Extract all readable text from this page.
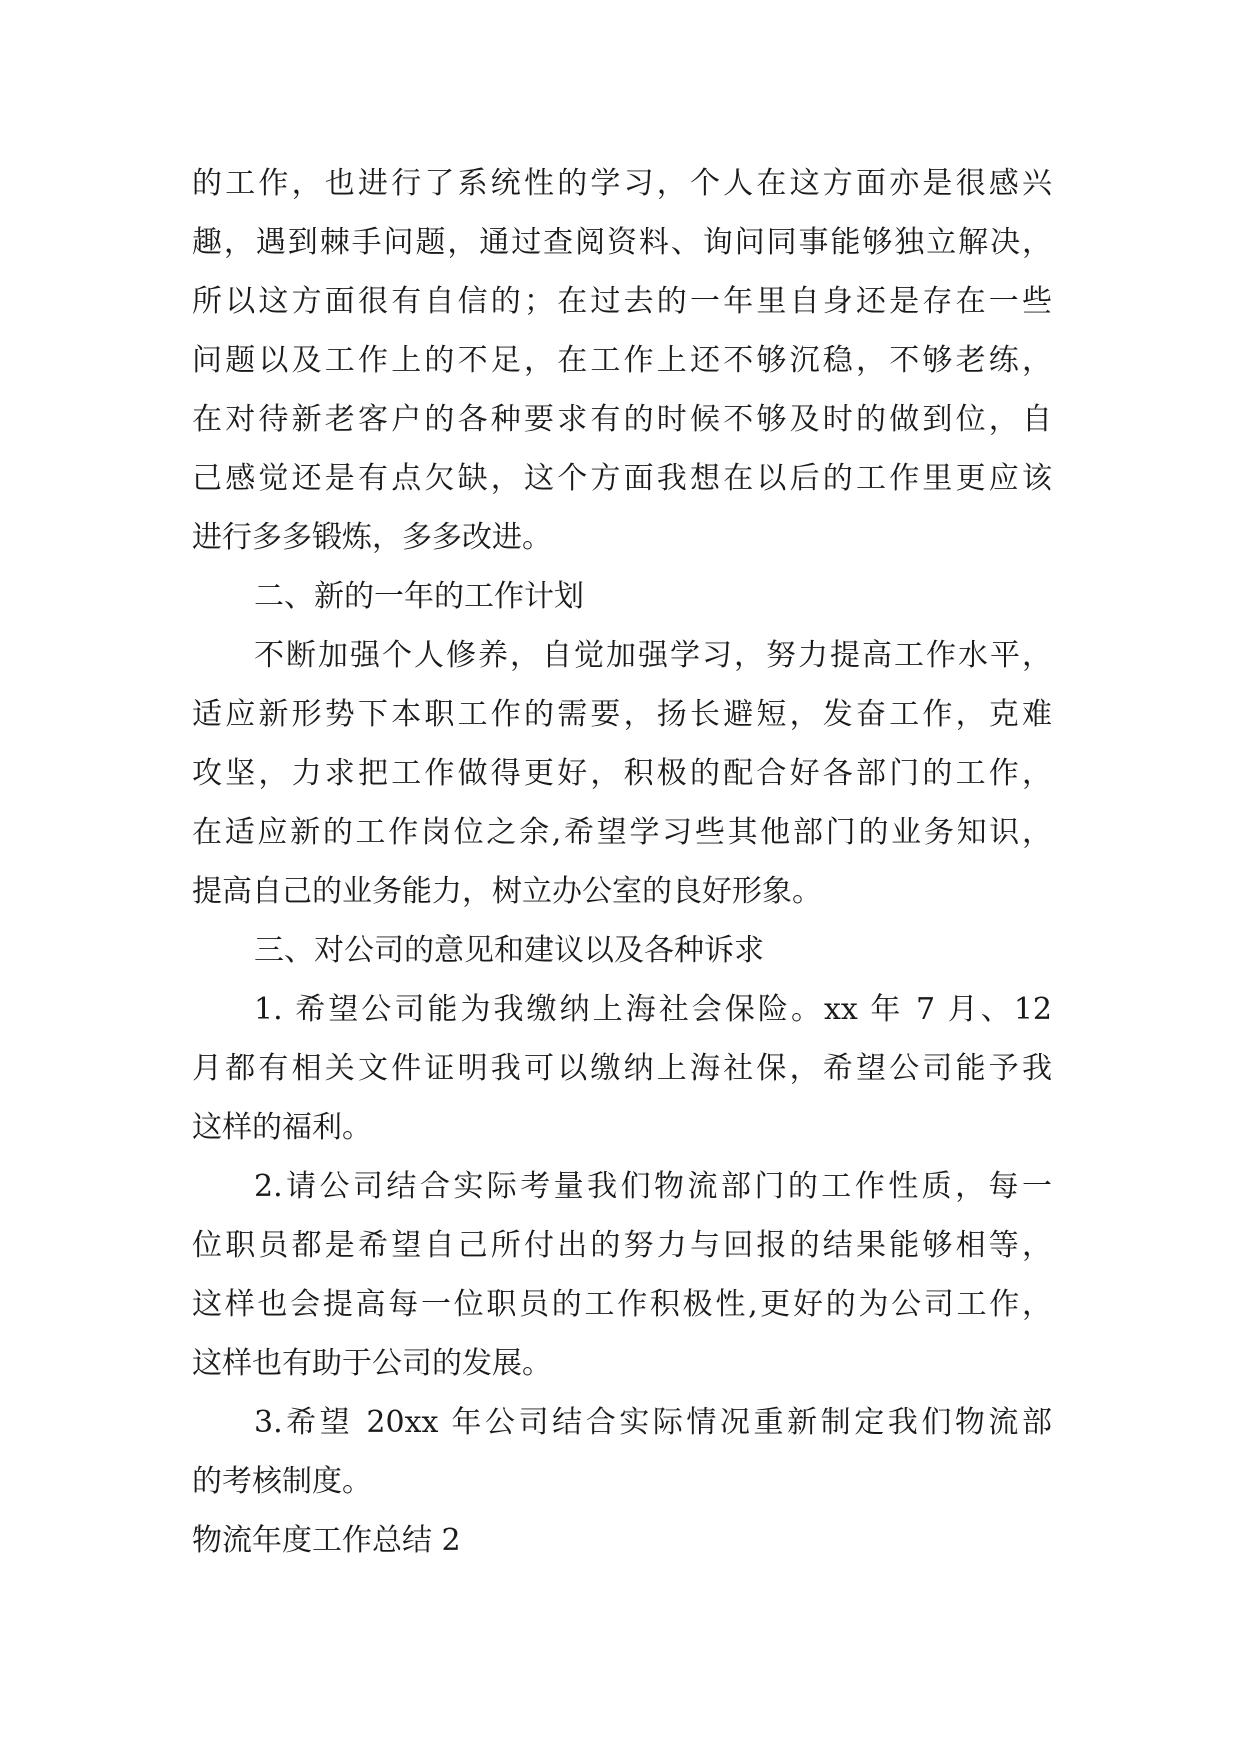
的工作，也进行了系统性的学习，个人在这方面亦是很感兴
趣，遇到棘手问题，通过查阅资料、询问同事能够独立解决，
所以这方面很有自信的；在过去的一年里自身还是存在一些
问题以及工作上的不足，在工作上还不够沉稳，不够老练，
在对待新老客户的各种要求有的时候不够及时的做到位，自
己感觉还是有点欠缺，这个方面我想在以后的工作里更应该
进行多多锻炼，多多改进。
二、新的一年的工作计划
不断加强个人修养，自觉加强学习，努力提高工作水平，
适应新形势下本职工作的需要，扬长避短，发奋工作，克难
攻坚，力求把工作做得更好，积极的配合好各部门的工作，
在适应新的工作岗位之余,希望学习些其他部门的业务知识，
提高自己的业务能力，树立办公室的良好形象。
三、对公司的意见和建议以及各种诉求
1. 希望公司能为我缴纳上海社会保险。xx 年 7 月、12
月都有相关文件证明我可以缴纳上海社保，希望公司能予我
这样的福利。
2.请公司结合实际考量我们物流部门的工作性质，每一
位职员都是希望自己所付出的努力与回报的结果能够相等，
这样也会提高每一位职员的工作积极性,更好的为公司工作，
这样也有助于公司的发展。
3.希望 20xx 年公司结合实际情况重新制定我们物流部
的考核制度。
物流年度工作总结 2
